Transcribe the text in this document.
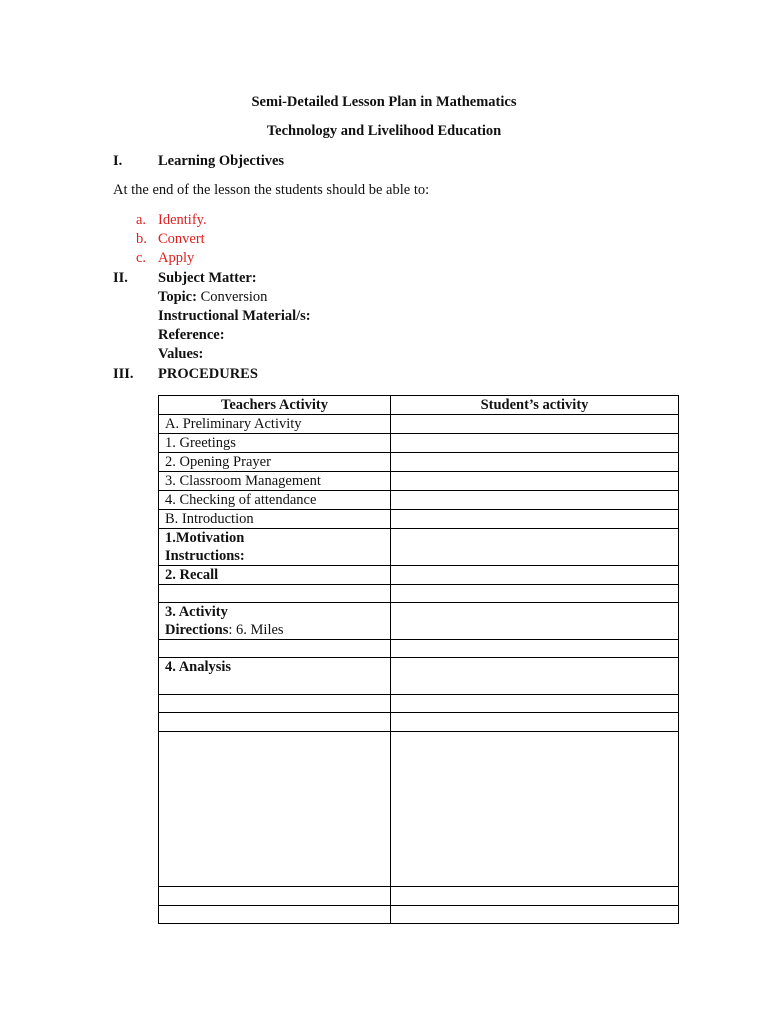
Semi-Detailed Lesson Plan in Mathematics
Technology and Livelihood Education
I. Learning Objectives
At the end of the lesson the students should be able to:
a. Identify.
b. Convert
c. Apply
II. Subject Matter:
Topic: Conversion
Instructional Material/s:
Reference:
Values:
III. PROCEDURES
Teachers Activity	Student’s activity
A. Preliminary Activity	
1. Greetings	
2. Opening Prayer	
3. Classroom Management	
4. Checking of attendance	
B. Introduction	

1.Motivation
Instructions:	

2. Recall	

3. Activity
Directions: 6. Miles	

4. Analysis	
